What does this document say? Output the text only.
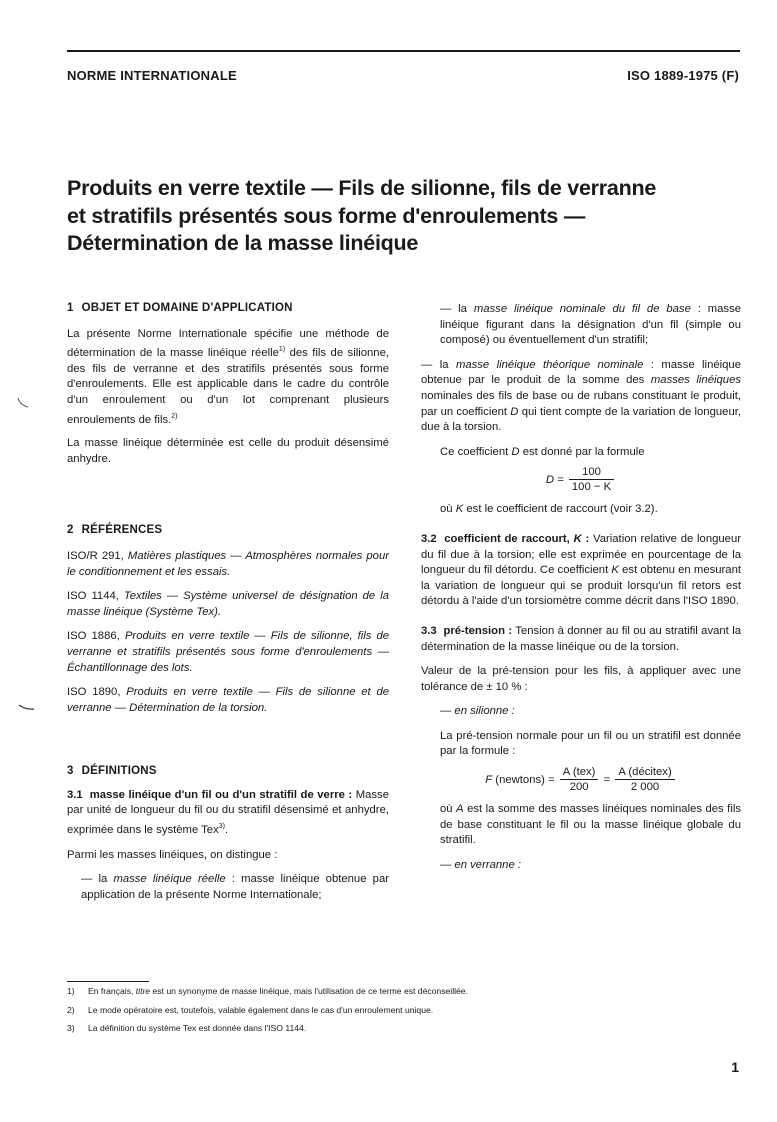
NORME INTERNATIONALE	ISO 1889-1975 (F)
Produits en verre textile — Fils de silionne, fils de verranne
et stratifils présentés sous forme d'enroulements —
Détermination de la masse linéique

1 OBJET ET DOMAINE D'APPLICATION

La présente Norme Internationale spécifie une méthode de détermination de la masse linéique réelle$^{1)}$ des fils de silionne, des fils de verranne et des stratifils présentés sous forme d'enroulements. Elle est applicable dans le cadre du contrôle d'un enroulement ou d'un lot comprenant plusieurs enroulements de fils.$^{2)}$

La masse linéique déterminée est celle du produit désensimé anhydre.

2 RÉFÉRENCES

ISO/R 291, Matières plastiques — Atmosphères normales pour le conditionnement et les essais.

ISO 1144, Textiles — Système universel de désignation de la masse linéique (Système Tex).

ISO 1886, Produits en verre textile — Fils de silionne, fils de verranne et stratifils présentés sous forme d'enroulements — Échantillonnage des lots.

ISO 1890, Produits en verre textile — Fils de silionne et de verranne — Détermination de la torsion.

3 DÉFINITIONS

3.1 masse linéique d'un fil ou d'un stratifil de verre : Masse par unité de longueur du fil ou du stratifil désensimé et anhydre, exprimée dans le système Tex$^{3)}$.

Parmi les masses linéiques, on distingue :

— la masse linéique réelle : masse linéique obtenue par application de la présente Norme Internationale;

— la masse linéique nominale du fil de base : masse linéique figurant dans la désignation d'un fil (simple ou composé) ou éventuellement d'un stratifil;

— la masse linéique théorique nominale : masse linéique obtenue par le produit de la somme des masses linéiques nominales des fils de base ou de rubans constituant le produit, par un coefficient D qui tient compte de la variation de longueur, due à la torsion.

Ce coefficient D est donné par la formule

$D = \frac{100}{100 - K}$

où K est le coefficient de raccourt (voir 3.2).

3.2 coefficient de raccourt, K : Variation relative de longueur du fil due à la torsion; elle est exprimée en pourcentage de la longueur du fil détordu. Ce coefficient K est obtenu en mesurant la variation de longueur qui se produit lorsqu'un fil retors est détordu à l'aide d'un torsiomètre comme décrit dans l'ISO 1890.

3.3 pré-tension : Tension à donner au fil ou au stratifil avant la détermination de la masse linéique ou de la torsion.

Valeur de la pré-tension pour les fils, à appliquer avec une tolérance de ± 10 % :

— en silionne :

La pré-tension normale pour un fil ou un stratifil est donnée par la formule :

F (newtons) = $\frac{\text{A (tex)}}{200} = \frac{\text{A (décitex)}}{2 000}$

où A est la somme des masses linéiques nominales des fils de base constituant le fil ou la masse linéique globale du stratifil.

— en verranne :

1) En français, titre est un synonyme de masse linéique, mais l'utilisation de ce terme est déconseillée.
2) Le mode opératoire est, toutefois, valable également dans le cas d'un enroulement unique.
3) La définition du système Tex est donnée dans l'ISO 1144.
1
